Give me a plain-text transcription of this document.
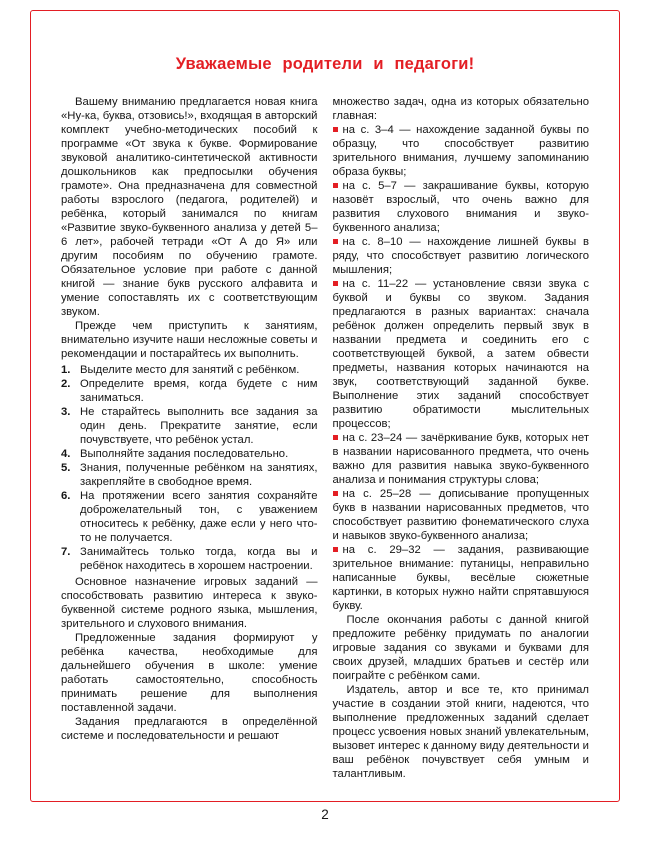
Уважаемые родители и педагоги!

Вашему вниманию предлагается новая книга «Ну-ка, буква, отзовись!», входящая в авторский комплект учебно-методических пособий к программе «От звука к букве. Формирование звуковой аналитико-синтетической активности дошкольников как предпосылки обучения грамоте». Она предназначена для совместной работы взрослого (педагога, родителей) и ребёнка, который занимался по книгам «Развитие звуко-буквенного анализа у детей 5–6 лет», рабочей тетради «От А до Я» или другим пособиям по обучению грамоте. Обязательное условие при работе с данной книгой — знание букв русского алфавита и умение сопоставлять их с соответствующим звуком.

Прежде чем приступить к занятиям, внимательно изучите наши несложные советы и рекомендации и постарайтесь их выполнить.

1. Выделите место для занятий с ребёнком.
2. Определите время, когда будете с ним заниматься.
3. Не старайтесь выполнить все задания за один день. Прекратите занятие, если почувствуете, что ребёнок устал.
4. Выполняйте задания последовательно.
5. Знания, полученные ребёнком на занятиях, закрепляйте в свободное время.
6. На протяжении всего занятия сохраняйте доброжелательный тон, с уважением относитесь к ребёнку, даже если у него что-то не получается.
7. Занимайтесь только тогда, когда вы и ребёнок находитесь в хорошем настроении.

Основное назначение игровых заданий — способствовать развитию интереса к звуко-буквенной системе родного языка, мышления, зрительного и слухового внимания.

Предложенные задания формируют у ребёнка качества, необходимые для дальнейшего обучения в школе: умение работать самостоятельно, способность принимать решение для выполнения поставленной задачи.

Задания предлагаются в определённой системе и последовательности и решают

множество задач, одна из которых обязательно главная:

на с. 3–4 — нахождение заданной буквы по образцу, что способствует развитию зрительного внимания, лучшему запоминанию образа буквы;

на с. 5–7 — закрашивание буквы, которую назовёт взрослый, что очень важно для развития слухового внимания и звуко-буквенного анализа;

на с. 8–10 — нахождение лишней буквы в ряду, что способствует развитию логического мышления;

на с. 11–22 — установление связи звука с буквой и буквы со звуком. Задания предлагаются в разных вариантах: сначала ребёнок должен определить первый звук в названии предмета и соединить его с соответствующей буквой, а затем обвести предметы, названия которых начинаются на звук, соответствующий заданной букве. Выполнение этих заданий способствует развитию обратимости мыслительных процессов;

на с. 23–24 — зачёркивание букв, которых нет в названии нарисованного предмета, что очень важно для развития навыка звуко-буквенного анализа и понимания структуры слова;

на с. 25–28 — дописывание пропущенных букв в названии нарисованных предметов, что способствует развитию фонематического слуха и навыков звуко-буквенного анализа;

на с. 29–32 — задания, развивающие зрительное внимание: путаницы, неправильно написанные буквы, весёлые сюжетные картинки, в которых нужно найти спрятавшуюся букву.

После окончания работы с данной книгой предложите ребёнку придумать по аналогии игровые задания со звуками и буквами для своих друзей, младших братьев и сестёр или поиграйте с ребёнком сами.

Издатель, автор и все те, кто принимал участие в создании этой книги, надеются, что выполнение предложенных заданий сделает процесс усвоения новых знаний увлекательным, вызовет интерес к данному виду деятельности и ваш ребёнок почувствует себя умным и талантливым.

2
